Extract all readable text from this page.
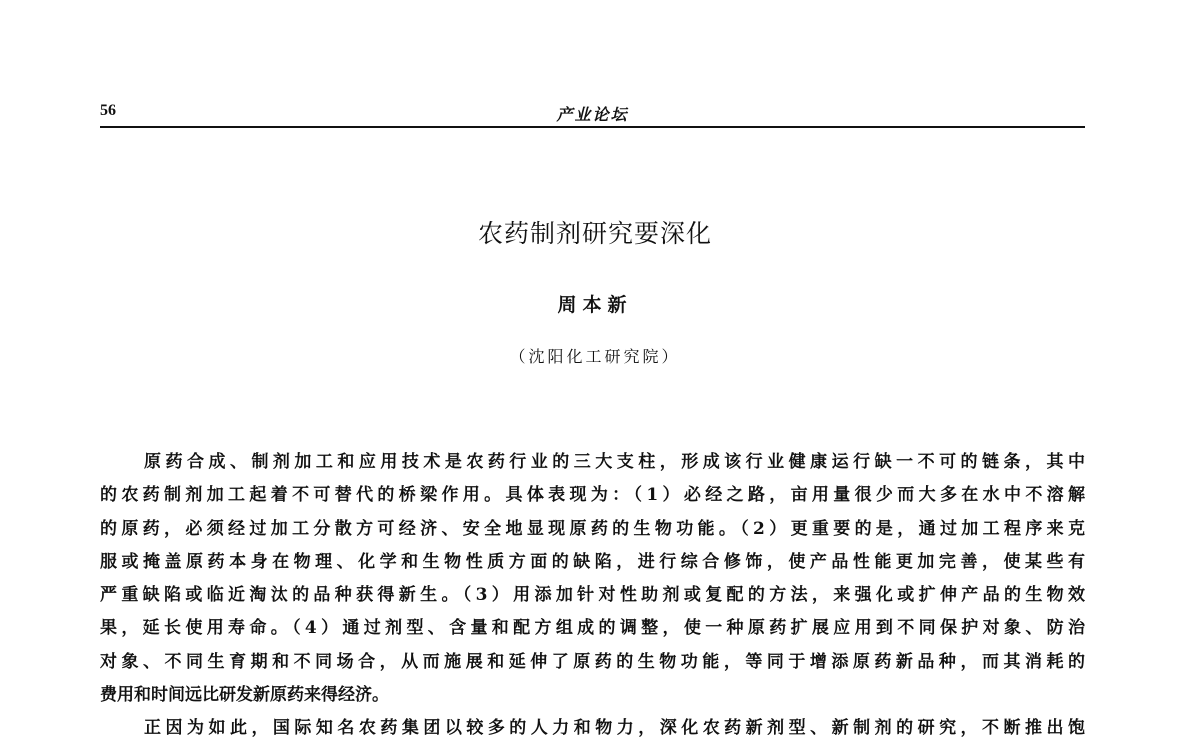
56	产业论坛
农药制剂研究要深化
周本新
（沈阳化工研究院）
原药合成、制剂加工和应用技术是农药行业的三大支柱，形成该行业健康运行缺一不可的链条，其中
的农药制剂加工起着不可替代的桥梁作用。具体表现为：（1）必经之路，亩用量很少而大多在水中不溶解
的原药，必须经过加工分散方可经济、安全地显现原药的生物功能。（2）更重要的是，通过加工程序来克
服或掩盖原药本身在物理、化学和生物性质方面的缺陷，进行综合修饰，使产品性能更加完善，使某些有
严重缺陷或临近淘汰的品种获得新生。（3）用添加针对性助剂或复配的方法，来强化或扩伸产品的生物效
果，延长使用寿命。（4）通过剂型、含量和配方组成的调整，使一种原药扩展应用到不同保护对象、防治
对象、不同生育期和不同场合，从而施展和延伸了原药的生物功能，等同于增添原药新品种，而其消耗的
费用和时间远比研发新原药来得经济。
正因为如此，国际知名农药集团以较多的人力和物力，深化农药新剂型、新制剂的研究，不断推出饱
